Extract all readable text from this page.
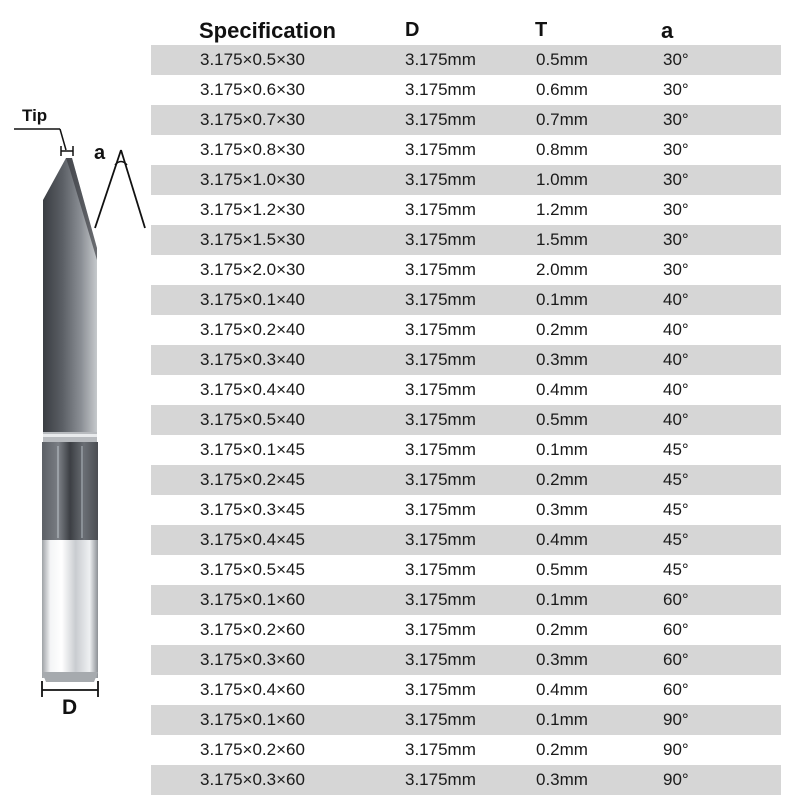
Tip
a
D
Specification	D	T	a
3.175×0.5×30	3.175mm	0.5mm	30°
3.175×0.6×30	3.175mm	0.6mm	30°
3.175×0.7×30	3.175mm	0.7mm	30°
3.175×0.8×30	3.175mm	0.8mm	30°
3.175×1.0×30	3.175mm	1.0mm	30°
3.175×1.2×30	3.175mm	1.2mm	30°
3.175×1.5×30	3.175mm	1.5mm	30°
3.175×2.0×30	3.175mm	2.0mm	30°
3.175×0.1×40	3.175mm	0.1mm	40°
3.175×0.2×40	3.175mm	0.2mm	40°
3.175×0.3×40	3.175mm	0.3mm	40°
3.175×0.4×40	3.175mm	0.4mm	40°
3.175×0.5×40	3.175mm	0.5mm	40°
3.175×0.1×45	3.175mm	0.1mm	45°
3.175×0.2×45	3.175mm	0.2mm	45°
3.175×0.3×45	3.175mm	0.3mm	45°
3.175×0.4×45	3.175mm	0.4mm	45°
3.175×0.5×45	3.175mm	0.5mm	45°
3.175×0.1×60	3.175mm	0.1mm	60°
3.175×0.2×60	3.175mm	0.2mm	60°
3.175×0.3×60	3.175mm	0.3mm	60°
3.175×0.4×60	3.175mm	0.4mm	60°
3.175×0.1×60	3.175mm	0.1mm	90°
3.175×0.2×60	3.175mm	0.2mm	90°
3.175×0.3×60	3.175mm	0.3mm	90°
